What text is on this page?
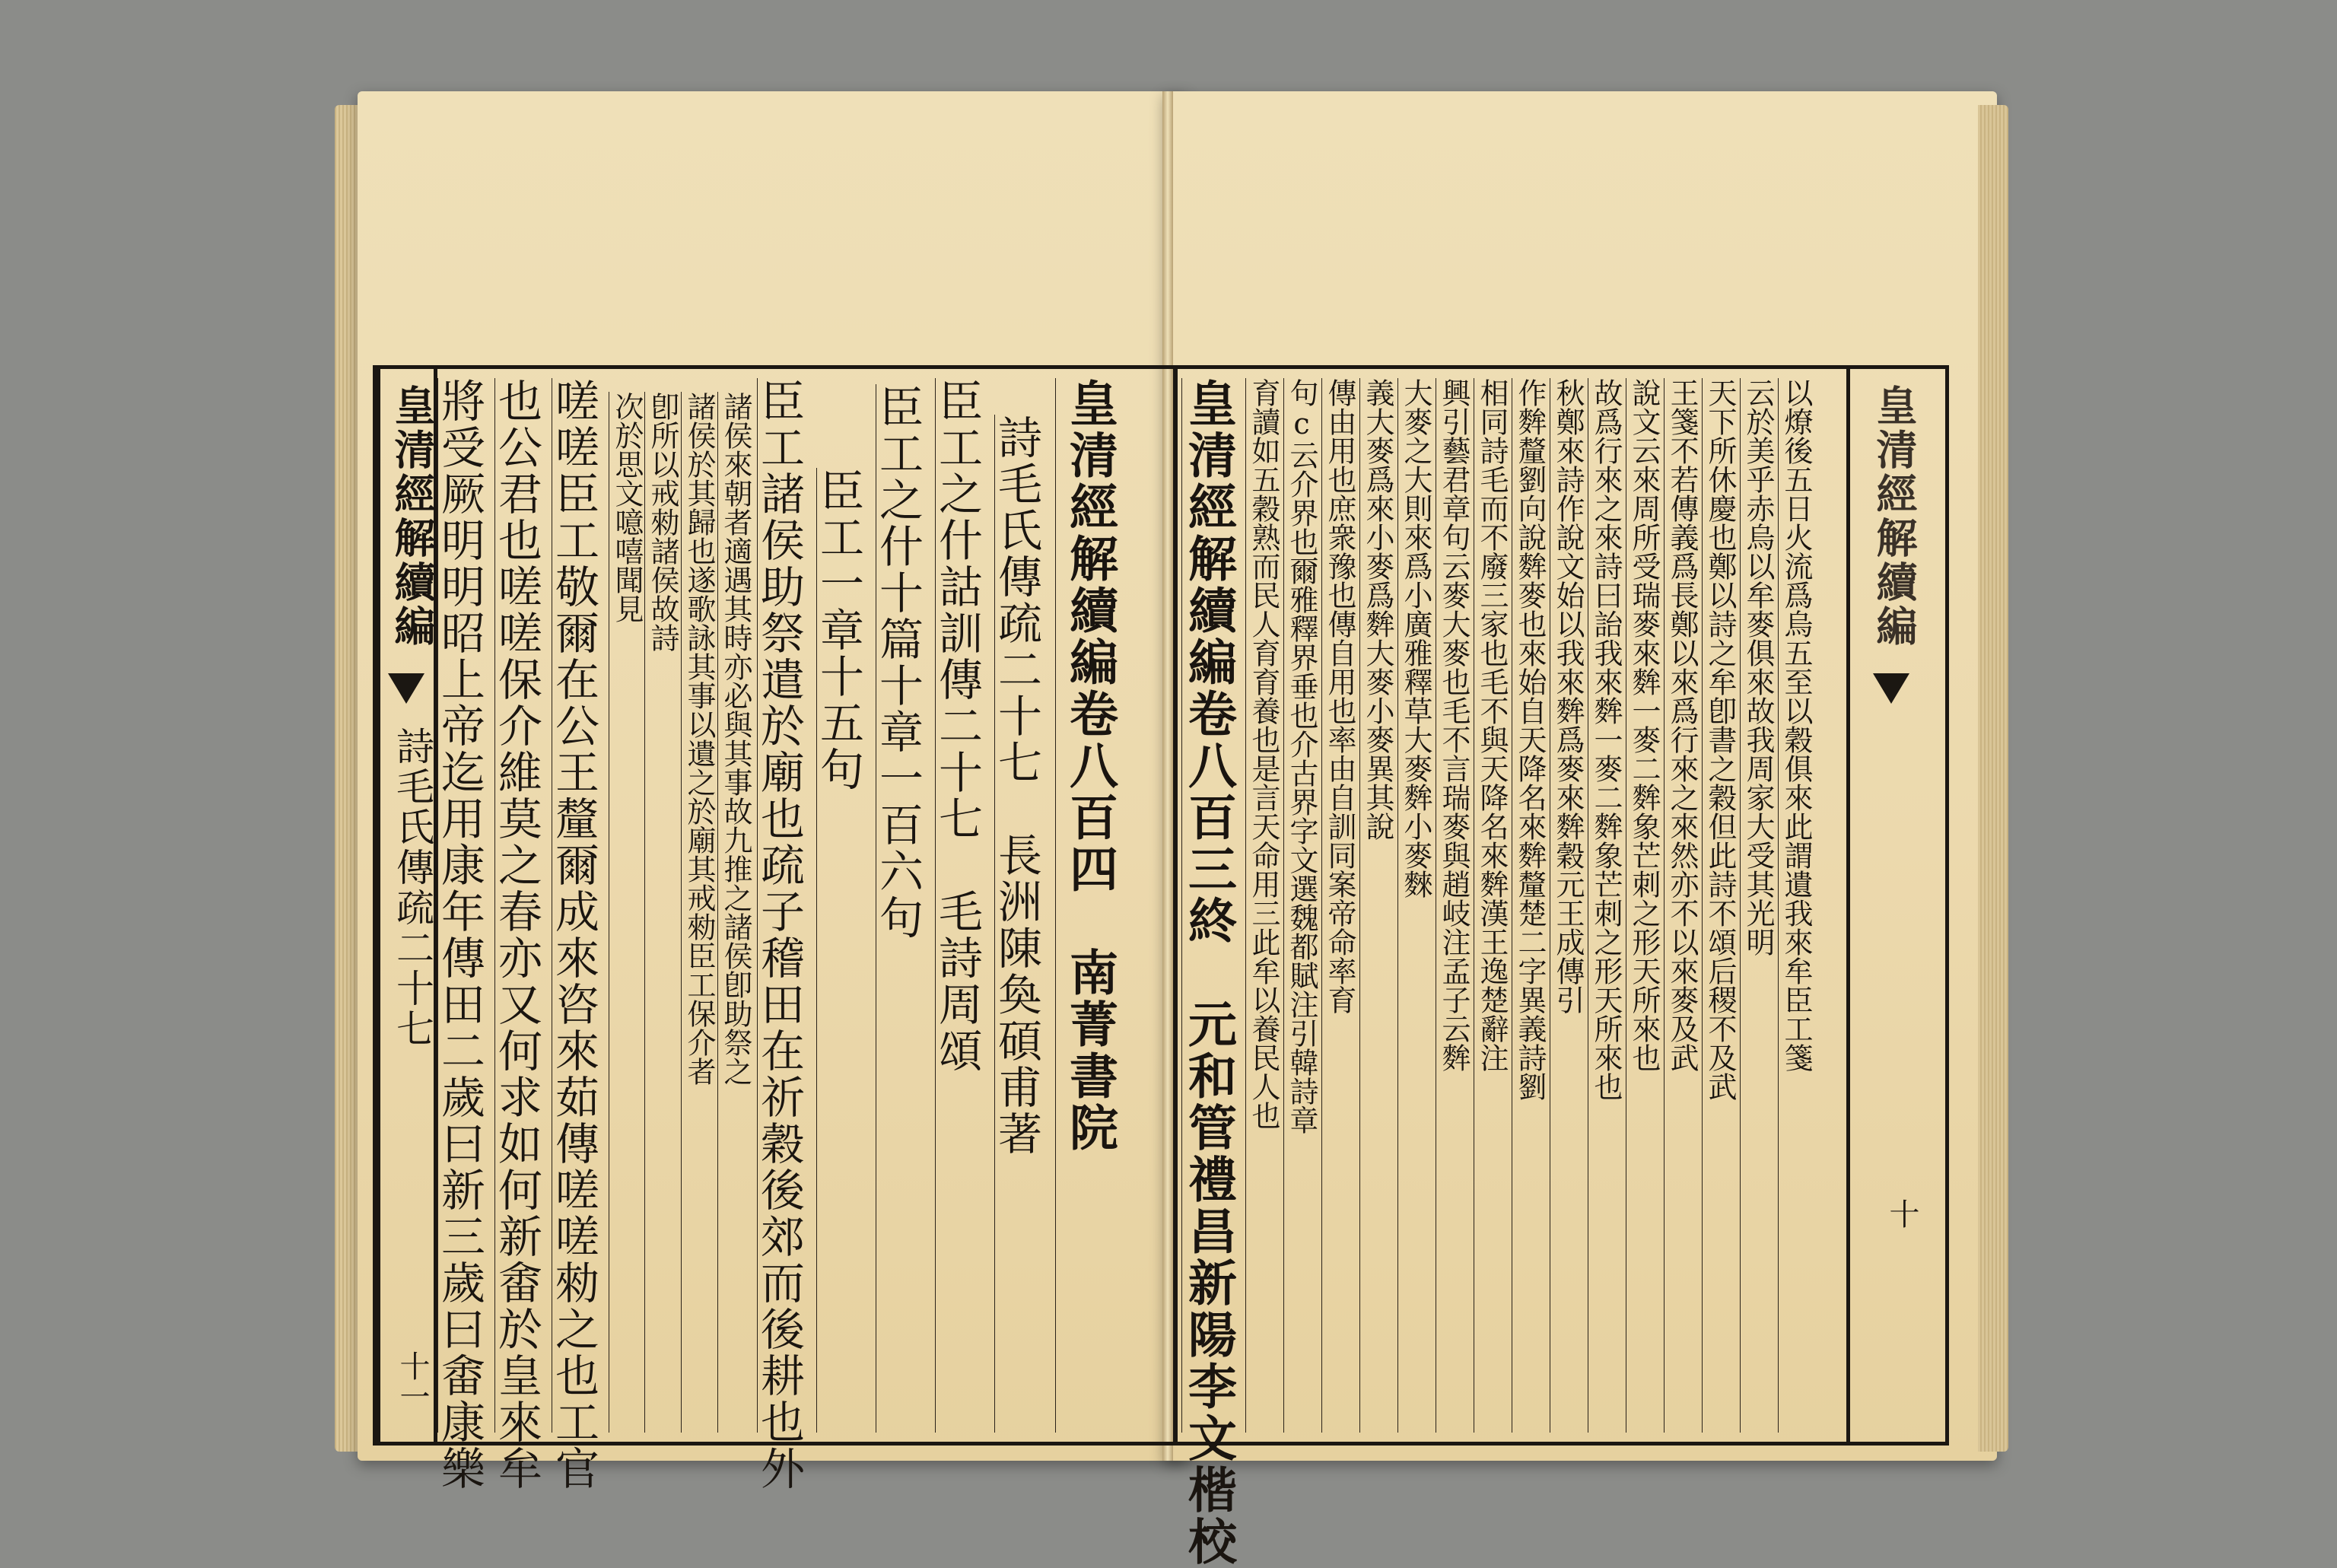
皇清經解續編
詩毛氏傳疏二十七
十一 將受厥明明昭上帝迄用康年傳田二歲曰新三歲曰畬康樂 也公君也嗟嗟保介維莫之春亦又何求如何新畬於皇來牟 嗟嗟臣工敬爾在公王釐爾成來咨來茹傳嗟嗟勑之也工官 次於思文噫嘻聞見 卽所以戒勑諸侯故詩 諸侯於其歸也遂歌詠其事以遺之於廟其戒勑臣工保介者 諸侯來朝者適遇其時亦必與其事故九推之諸侯卽助祭之 臣工諸侯助祭遣於廟也疏子稽田在祈穀後郊而後耕也外 臣工一章十五句 臣工之什十篇十章一百六句 臣工之什詁訓傳二十七　毛詩周頌 詩毛氏傳疏二十七　長洲陳奐碩甫著 皇清經解續編卷八百四　南菁書院 皇清經解續編卷八百三終　元和管禮昌新陽李文楷校 育讀如五穀熟而民人育育養也是言天命用三此牟以養民人也 句c云介界也爾雅釋界垂也介古界字文選魏都賦注引韓詩章 傳由用也庶衆豫也傳自用也率由自訓同案帝命率育 義大麥爲來小麥爲麰大麥小麥異其說 大麥之大則來爲小廣雅釋草大麥麰小麥麳 興引藝君章句云麥大麥也毛不言瑞麥與趙岐注孟子云麰 相同詩毛而不廢三家也毛不與天降名來麰漢王逸楚辭注 作麰釐劉向說麰麥也來始自天降名來麰釐楚二字異義詩劉 秋鄭來詩作說文始以我來麰爲麥來麰穀元王成傳引 故爲行來之來詩曰詒我來麰一麥二麰象芒刺之形天所來也 說文云來周所受瑞麥來麰一麥二麰象芒刺之形天所來也 王箋不若傳義爲長鄭以來爲行來之來然亦不以來麥及武 天下所休慶也鄭以詩之牟卽書之穀但此詩不頌后稷不及武 云於美乎赤烏以牟麥俱來故我周家大受其光明 以燎後五日火流爲烏五至以穀俱來此謂遺我來牟臣工箋 皇清經解續編
十
